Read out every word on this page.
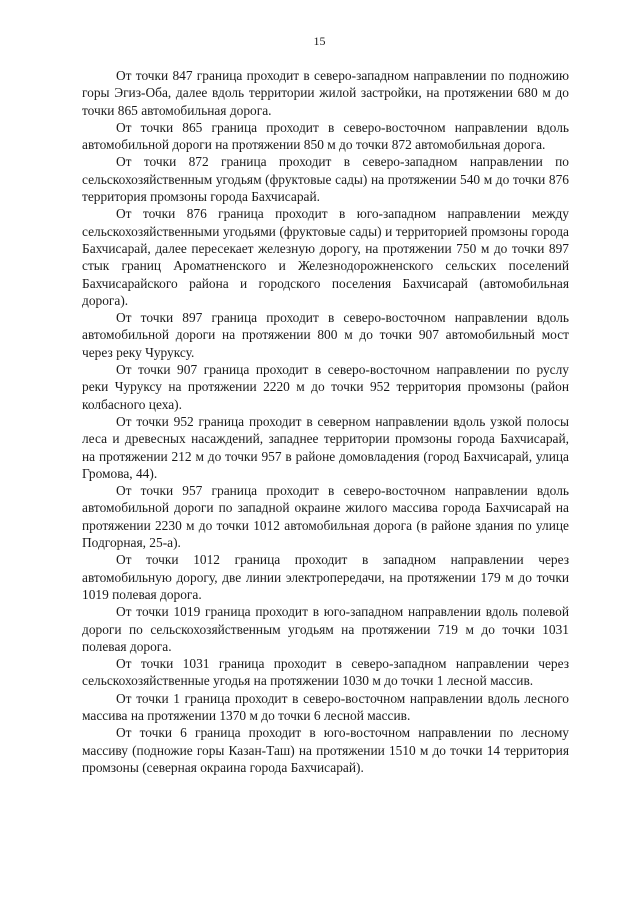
15

От точки 847 граница проходит в северо-западном направлении по подножию горы Эгиз-Оба, далее вдоль территории жилой застройки, на протяжении 680 м до точки 865 автомобильная дорога.

От точки 865 граница проходит в северо-восточном направлении вдоль автомобильной дороги на протяжении 850 м до точки 872 автомобильная дорога.

От точки 872 граница проходит в северо-западном направлении по сельскохозяйственным угодьям (фруктовые сады) на протяжении 540 м до точки 876 территория промзоны города Бахчисарай.

От точки 876 граница проходит в юго-западном направлении между сельскохозяйственными угодьями (фруктовые сады) и территорией промзоны города Бахчисарай, далее пересекает железную дорогу, на протяжении 750 м до точки 897 стык границ Ароматненского и Железнодорожненского сельских поселений Бахчисарайского района и городского поселения Бахчисарай (автомобильная дорога).

От точки 897 граница проходит в северо-восточном направлении вдоль автомобильной дороги на протяжении 800 м до точки 907 автомобильный мост через реку Чуруксу.

От точки 907 граница проходит в северо-восточном направлении по руслу реки Чуруксу на протяжении 2220 м до точки 952 территория промзоны (район колбасного цеха).

От точки 952 граница проходит в северном направлении вдоль узкой полосы леса и древесных насаждений, западнее территории промзоны города Бахчисарай, на протяжении 212 м до точки 957 в районе домовладения (город Бахчисарай, улица Громова, 44).

От точки 957 граница проходит в северо-восточном направлении вдоль автомобильной дороги по западной окраине жилого массива города Бахчисарай на протяжении 2230 м до точки 1012 автомобильная дорога (в районе здания по улице Подгорная, 25-а).

От точки 1012 граница проходит в западном направлении через автомобильную дорогу, две линии электропередачи, на протяжении 179 м до точки 1019 полевая дорога.

От точки 1019 граница проходит в юго-западном направлении вдоль полевой дороги по сельскохозяйственным угодьям на протяжении 719 м до точки 1031 полевая дорога.

От точки 1031 граница проходит в северо-западном направлении через сельскохозяйственные угодья на протяжении 1030 м до точки 1 лесной массив.

От точки 1 граница проходит в северо-восточном направлении вдоль лесного массива на протяжении 1370 м до точки 6 лесной массив.

От точки 6 граница проходит в юго-восточном направлении по лесному массиву (подножие горы Казан-Таш) на протяжении 1510 м до точки 14 территория промзоны (северная окраина города Бахчисарай).
